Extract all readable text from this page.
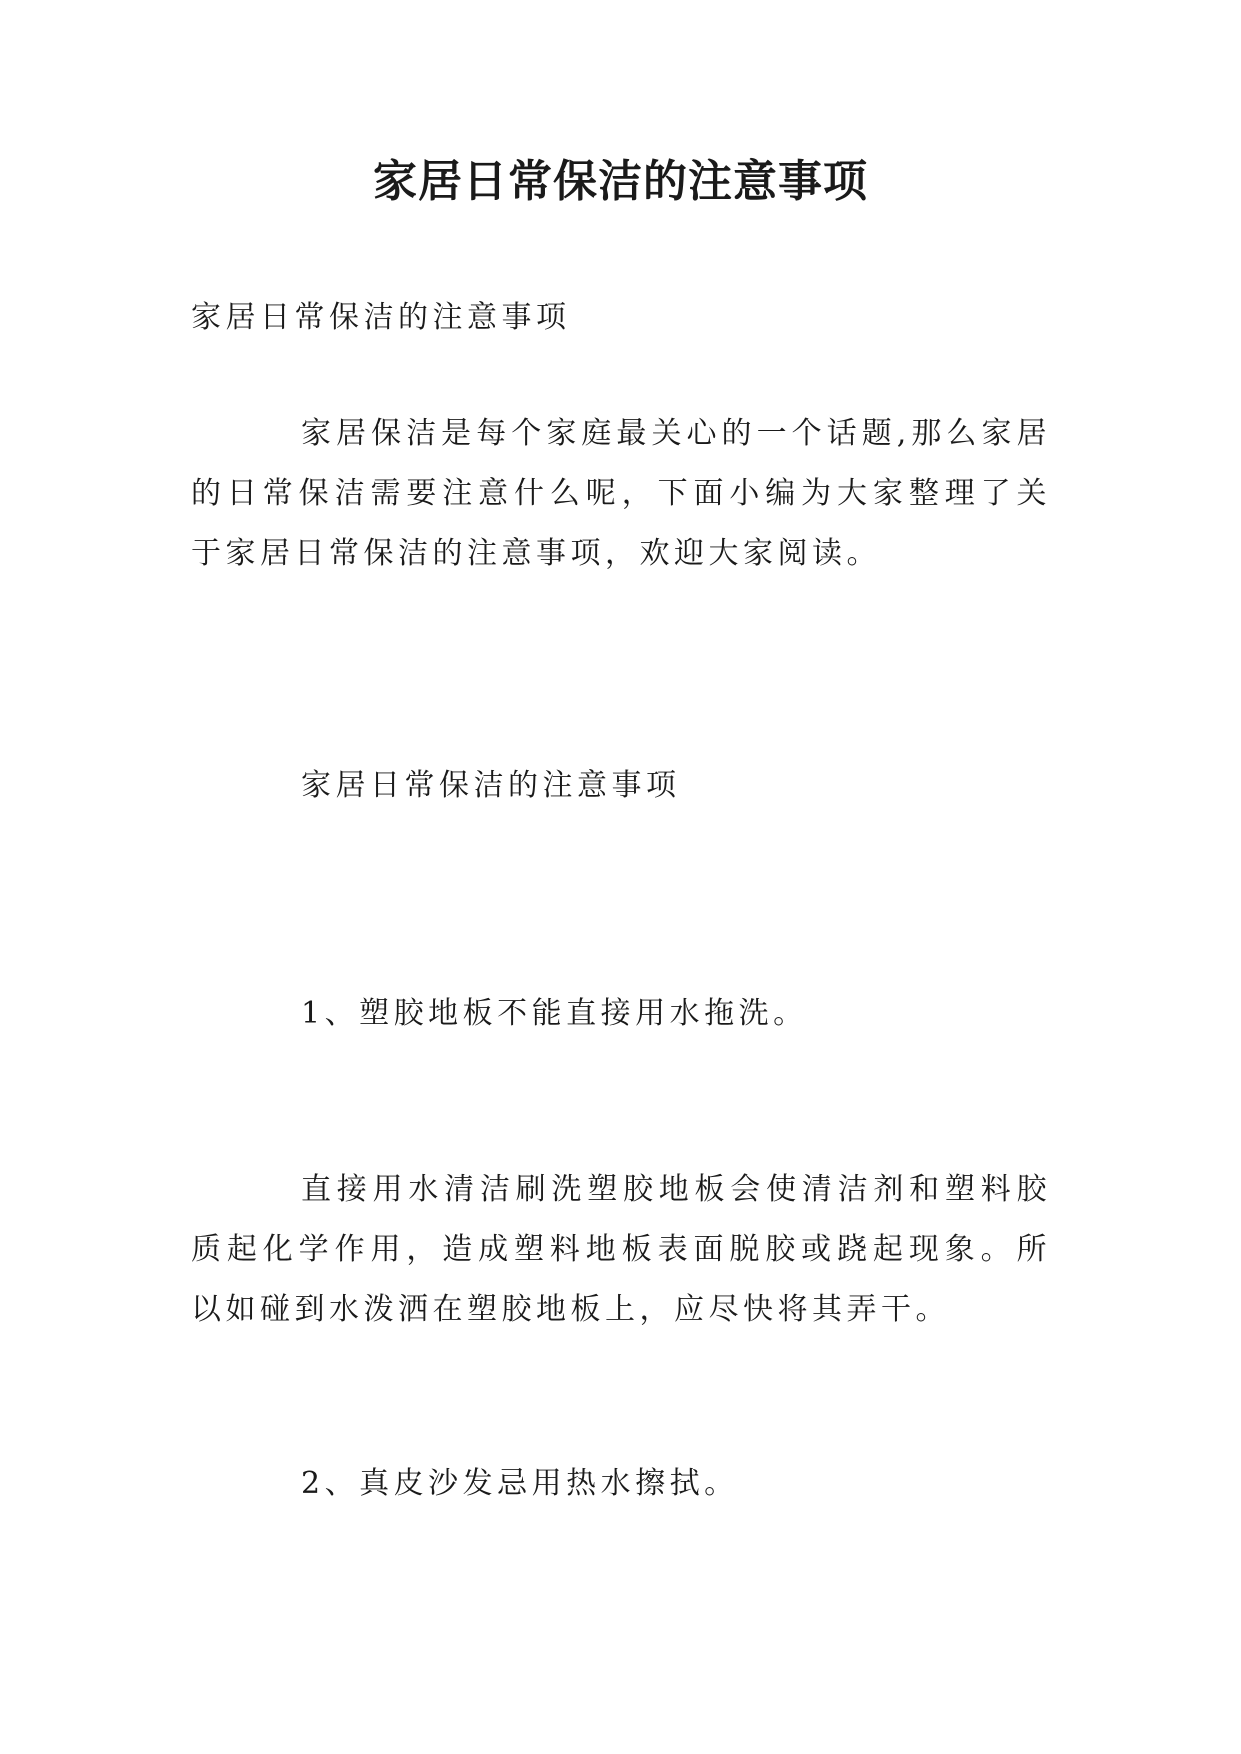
家居日常保洁的注意事项

家居日常保洁的注意事项

家居保洁是每个家庭最关心的一个话题,那么家居的日常保洁需要注意什么呢，下面小编为大家整理了关于家居日常保洁的注意事项，欢迎大家阅读。

家居日常保洁的注意事项

1、塑胶地板不能直接用水拖洗。

直接用水清洁刷洗塑胶地板会使清洁剂和塑料胶质起化学作用，造成塑料地板表面脱胶或跷起现象。所以如碰到水泼洒在塑胶地板上，应尽快将其弄干。

2、真皮沙发忌用热水擦拭。
